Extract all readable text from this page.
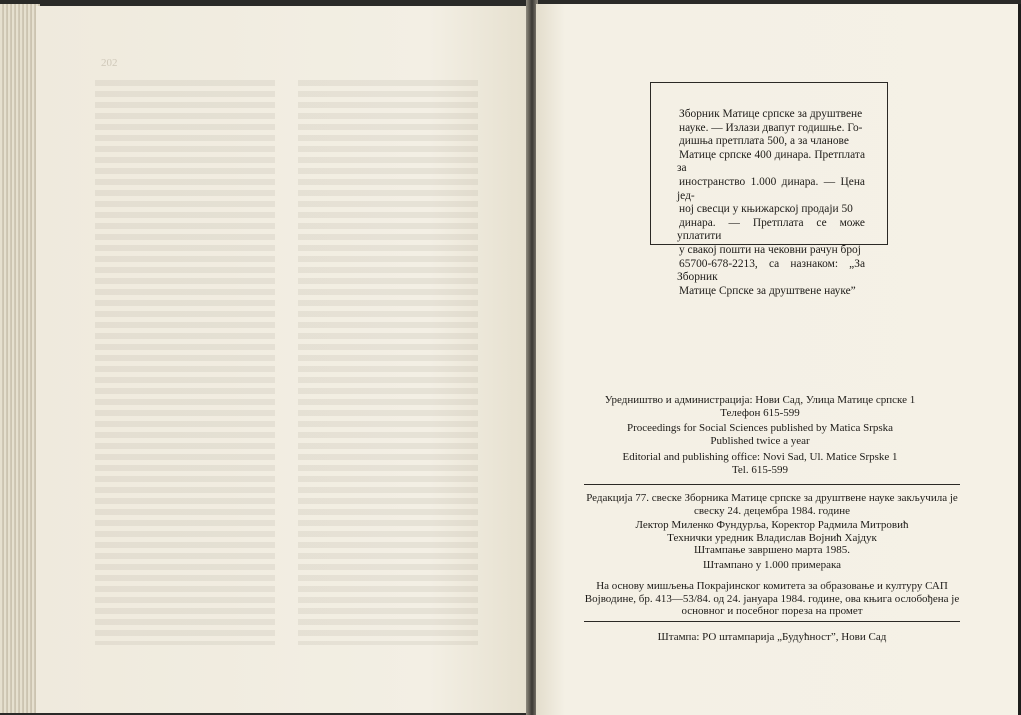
202

Зборник Матице српске за друштвене

науке. — Излази двапут годишње. Го-

дишња претплата 500, а за чланове

Матице српске 400 динара. Претплата за

иностранство 1.000 динара. — Цена јед-

ној свесци у књижарској продаји 50

динара. — Претплата се може уплатити

у свакој пошти на чековни рачун број

65700-678-2213, са назнаком: „За Зборник

Матице Српске за друштвене науке”

Уредништво и администрација: Нови Сад, Улица Матице српске 1
Телефон 615-599
Proceedings for Social Sciences published by Matica Srpska
Published twice a year
Editorial and publishing office: Novi Sad, Ul. Matice Srpske 1
Tel. 615-599
Редакција 77. свеске Зборника Матице српске за друштвене науке закључила је
свеску 24. децембра 1984. године
Лектор Миленко Фундурља, Коректор Радмила Митровић
Технички уредник Владислав Војнић Хајдук
Штампање завршено марта 1985.
Штампано у 1.000 примерака
На основу мишљења Покрајинског комитета за образовање и културу САП
Војводине, бр. 413—53/84. од 24. јануара 1984. године, ова књига ослобођена је
основног и посебног пореза на промет
Штампа: РО штампарија „Будућност”, Нови Сад
